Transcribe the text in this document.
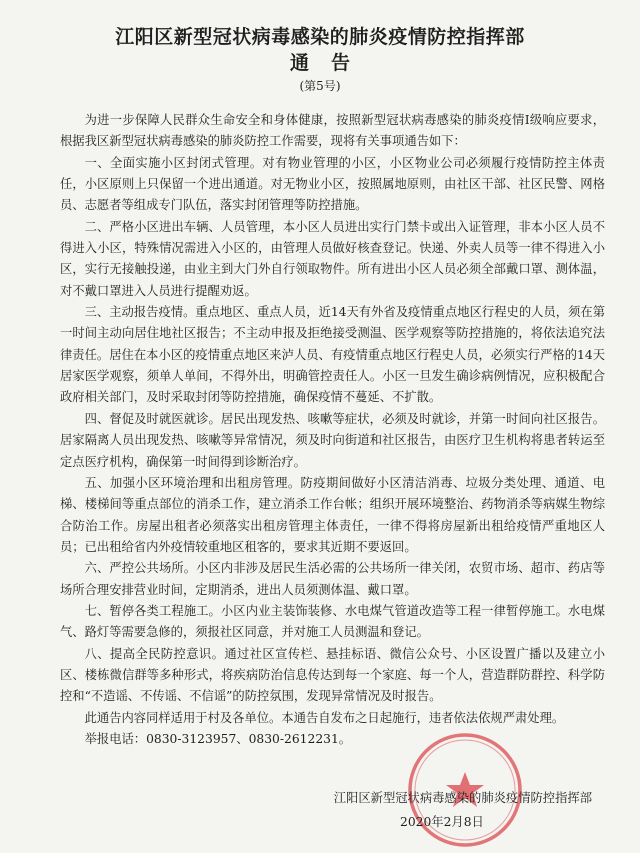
江阳区新型冠状病毒感染的肺炎疫情防控指挥部
通告
(第5号)

为进一步保障人民群众生命安全和身体健康，按照新型冠状病毒感染的肺炎疫情Ⅰ级响应要求，根据我区新型冠状病毒感染的肺炎防控工作需要，现将有关事项通告如下：

一、全面实施小区封闭式管理。对有物业管理的小区，小区物业公司必须履行疫情防控主体责任，小区原则上只保留一个进出通道。对无物业小区，按照属地原则，由社区干部、社区民警、网格员、志愿者等组成专门队伍，落实封闭管理等防控措施。

二、严格小区进出车辆、人员管理，本小区人员进出实行门禁卡或出入证管理，非本小区人员不得进入小区，特殊情况需进入小区的，由管理人员做好核查登记。快递、外卖人员等一律不得进入小区，实行无接触投递，由业主到大门外自行领取物件。所有进出小区人员必须全部戴口罩、测体温，对不戴口罩进入人员进行提醒劝返。

三、主动报告疫情。重点地区、重点人员，近14天有外省及疫情重点地区行程史的人员，须在第一时间主动向居住地社区报告；不主动申报及拒绝接受测温、医学观察等防控措施的，将依法追究法律责任。居住在本小区的疫情重点地区来泸人员、有疫情重点地区行程史人员，必须实行严格的14天居家医学观察，须单人单间，不得外出，明确管控责任人。小区一旦发生确诊病例情况，应积极配合政府相关部门，及时采取封闭等防控措施，确保疫情不蔓延、不扩散。

四、督促及时就医就诊。居民出现发热、咳嗽等症状，必须及时就诊，并第一时间向社区报告。居家隔离人员出现发热、咳嗽等异常情况，须及时向街道和社区报告，由医疗卫生机构将患者转运至定点医疗机构，确保第一时间得到诊断治疗。

五、加强小区环境治理和出租房管理。防疫期间做好小区清洁消毒、垃圾分类处理、通道、电梯、楼梯间等重点部位的消杀工作，建立消杀工作台帐；组织开展环境整治、药物消杀等病媒生物综合防治工作。房屋出租者必须落实出租房管理主体责任，一律不得将房屋新出租给疫情严重地区人员；已出租给省内外疫情较重地区租客的，要求其近期不要返回。

六、严控公共场所。小区内非涉及居民生活必需的公共场所一律关闭，农贸市场、超市、药店等场所合理安排营业时间，定期消杀，进出人员须测体温、戴口罩。

七、暂停各类工程施工。小区内业主装饰装修、水电煤气管道改造等工程一律暂停施工。水电煤气、路灯等需要急修的，须报社区同意，并对施工人员测温和登记。

八、提高全民防控意识。通过社区宣传栏、悬挂标语、微信公众号、小区设置广播以及建立小区、楼栋微信群等多种形式，将疾病防治信息传达到每一个家庭、每一个人，营造群防群控、科学防控和“不造谣、不传谣、不信谣”的防控氛围，发现异常情况及时报告。

此通告内容同样适用于村及各单位。本通告自发布之日起施行，违者依法依规严肃处理。

举报电话：0830-3123957、0830-2612231。

江阳区新型冠状病毒感染的肺炎疫情防控指挥部
2020年2月8日
